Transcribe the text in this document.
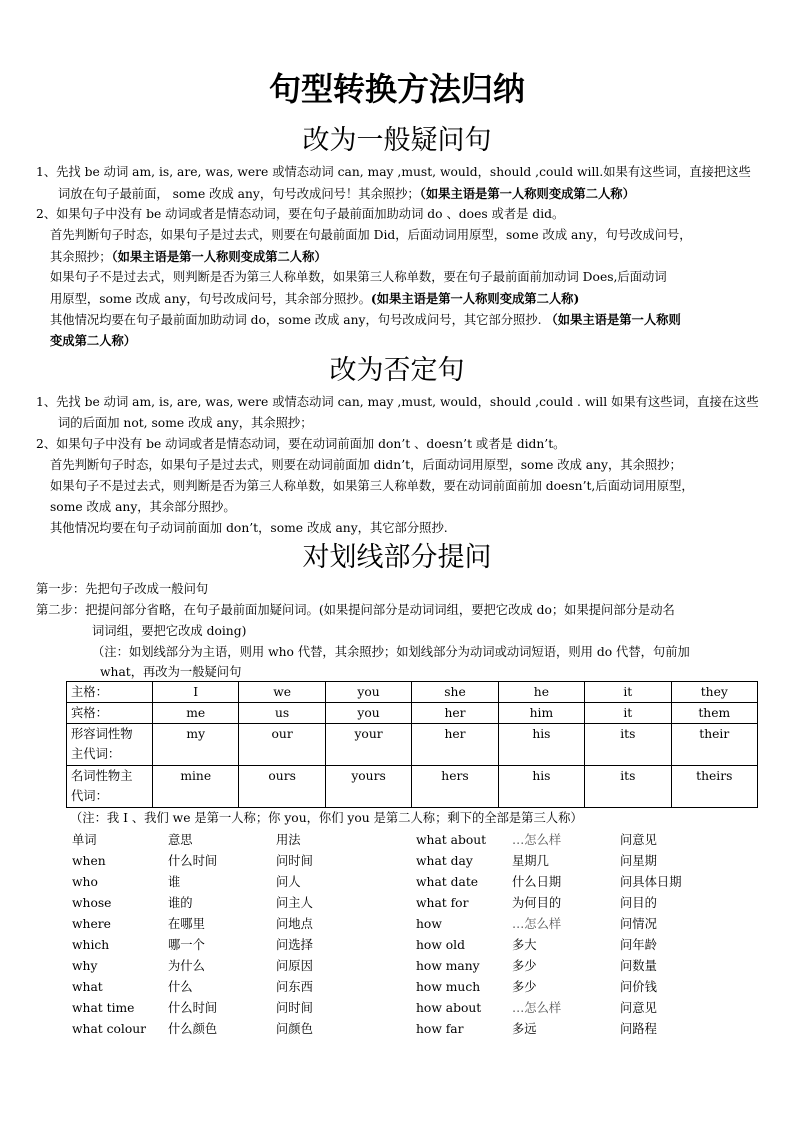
句型转换方法归纳
改为一般疑问句

1、先找 be 动词 am, is, are, was, were 或情态动词 can, may ,must, would，should ,could will.如果有这些词，直接把这些

词放在句子最前面， some 改成 any，句号改成问号！其余照抄；（如果主语是第一人称则变成第二人称）

2、如果句子中没有 be 动词或者是情态动词，要在句子最前面加助动词 do 、does 或者是 did。

首先判断句子时态，如果句子是过去式，则要在句最前面加 Did，后面动词用原型，some 改成 any，句号改成问号，

其余照抄；（如果主语是第一人称则变成第二人称）

如果句子不是过去式，则判断是否为第三人称单数，如果第三人称单数，要在句子最前面前加动词 Does,后面动词

用原型，some 改成 any，句号改成问号，其余部分照抄。(如果主语是第一人称则变成第二人称)

其他情况均要在句子最前面加助动词 do，some 改成 any，句号改成问号，其它部分照抄. （如果主语是第一人称则

变成第二人称）

改为否定句

1、先找 be 动词 am, is, are, was, were 或情态动词 can, may ,must, would，should ,could . will 如果有这些词，直接在这些

词的后面加 not, some 改成 any，其余照抄；

2、如果句子中没有 be 动词或者是情态动词，要在动词前面加 don’t 、doesn’t 或者是 didn’t。

首先判断句子时态，如果句子是过去式，则要在动词前面加 didn’t，后面动词用原型，some 改成 any，其余照抄；

如果句子不是过去式，则判断是否为第三人称单数，如果第三人称单数，要在动词前面前加 doesn’t,后面动词用原型，

some 改成 any，其余部分照抄。

其他情况均要在句子动词前面加 don’t，some 改成 any，其它部分照抄.

对划线部分提问

第一步：先把句子改成一般问句

第二步：把提问部分省略，在句子最前面加疑问词。(如果提问部分是动词词组，要把它改成 do；如果提问部分是动名

词词组，要把它改成 doing)

（注：如划线部分为主语，则用 who 代替，其余照抄；如划线部分为动词或动词短语，则用 do 代替，句前加

what，再改为一般疑问句

主格：	I	we	you	she	he	it	they
宾格：	me	us	you	her	him	it	them
形容词性物
主代词：	my	our	your	her	his	its	their
名词性物主
代词：	mine	ours	yours	hers	his	its	theirs

（注：我 I 、我们 we 是第一人称；你 you，你们 you 是第二人称；剩下的全部是第三人称）

单词	意思	用法	what about …怎么样	问意见
when	什么时间	问时间	what day	星期几	问星期
who	谁	问人	what date	什么日期	问具体日期
whose	谁的	问主人	what for	为何目的	问目的
where	在哪里	问地点	how	…怎么样	问情况
which	哪一个	问选择	how old	多大	问年龄
why	为什么	问原因	how many	多少	问数量
what	什么	问东西	how much	多少	问价钱
what time	什么时间	问时间	how about	…怎么样	问意见
what colour 什么颜色	问颜色	how far	多远	问路程
